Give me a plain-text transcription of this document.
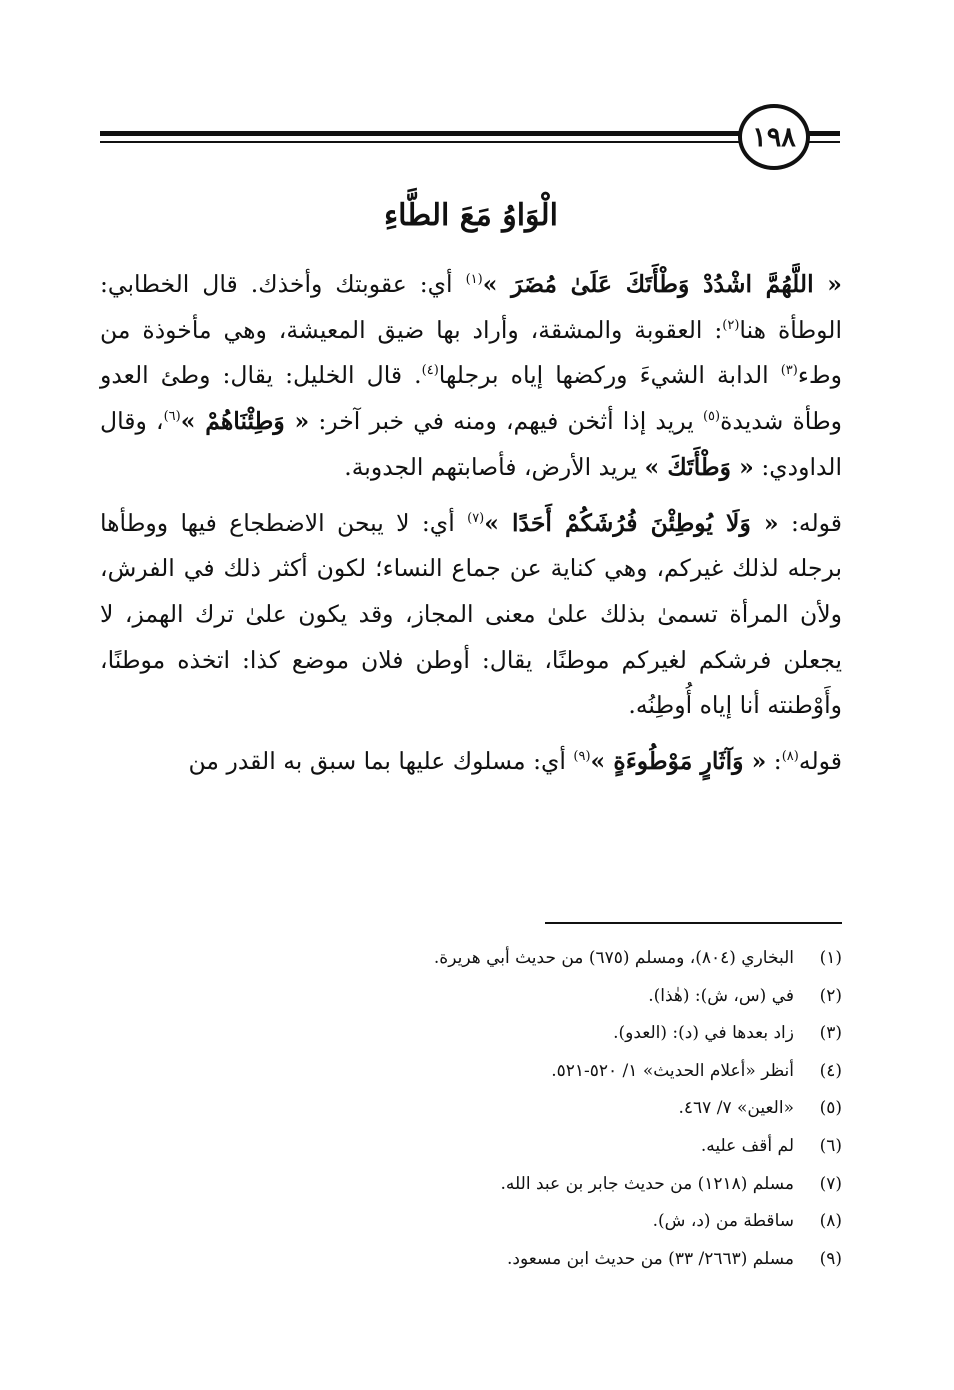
١٩٨
الْوَاوُ مَعَ الطَّاءِ

« اللَّهُمَّ اشْدُدْ وَطْأَتَكَ عَلَىٰ مُضَرَ »$^{(١)}$ أي: عقوبتك وأخذك. قال الخطابي: الوطأة هنا$^{(٢)}$: العقوبة والمشقة، وأراد بها ضيق المعيشة، وهي مأخوذة من وطء$^{(٣)}$ الدابة الشيءَ وركضها إياه برجلها$^{(٤)}$. قال الخليل: يقال: وطئ العدو وطأة شديدة$^{(٥)}$ يريد إذا أثخن فيهم، ومنه في خبر آخر: « وَطِئْنَاهُمْ »$^{(٦)}$، وقال الداودي: « وَطْأَتَكَ » يريد الأرض، فأصابتهم الجدوبة.

قوله: « وَلَا يُوطِئْنَ فُرُشَكُمْ أَحَدًا »$^{(٧)}$ أي: لا يبحن الاضطجاع فيها ووطأها برجله لذلك غيركم، وهي كناية عن جماع النساء؛ لكون أكثر ذلك في الفرش، ولأن المرأة تسمىٰ بذلك علىٰ معنى المجاز، وقد يكون علىٰ ترك الهمز، لا يجعلن فرشكم لغيركم موطنًا، يقال: أوطن فلان موضع كذا: اتخذه موطنًا، وأَوْطنته أنا إياه أُوطِنُه.

قوله$^{(٨)}$: « وَآثَارٍ مَوْطُوءَةٍ »$^{(٩)}$ أي: مسلوك عليها بما سبق به القدر من

(١)البخاري (٨٠٤)، ومسلم (٦٧٥) من حديث أبي هريرة.
(٢)في (س، ش): (هٰذا).
(٣)زاد بعدها في (د): (العدو).
(٤)أنظر «أعلام الحديث» ١/ ٥٢٠-٥٢١.
(٥)«العين» ٧/ ٤٦٧.
(٦)لم أقف عليه.
(٧)مسلم (١٢١٨) من حديث جابر بن عبد الله.
(٨)ساقطة من (د، ش).
(٩)مسلم (٢٦٦٣/ ٣٣) من حديث ابن مسعود.
